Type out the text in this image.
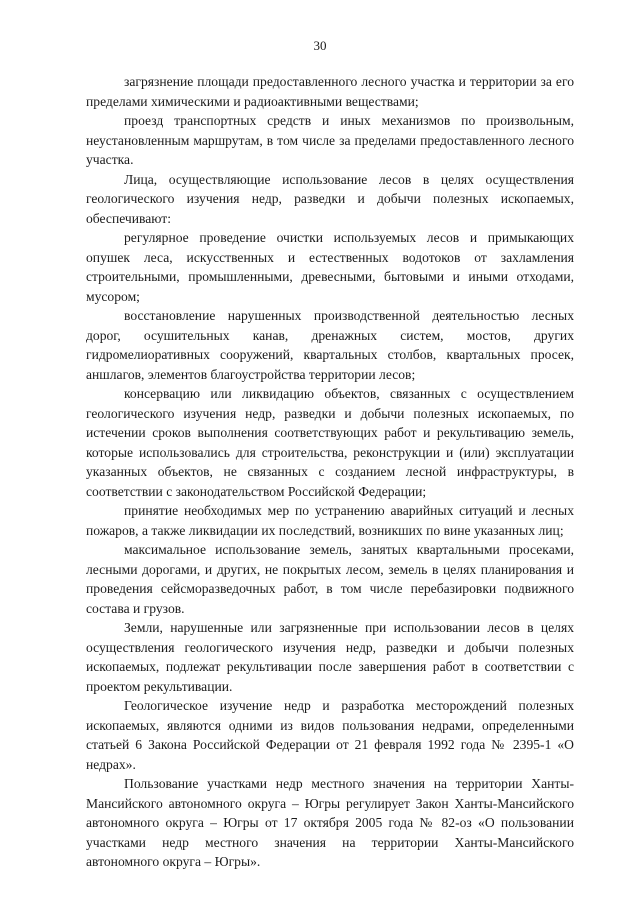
30

загрязнение площади предоставленного лесного участка и территории за его пределами химическими и радиоактивными веществами;

проезд транспортных средств и иных механизмов по произвольным, неустановленным маршрутам, в том числе за пределами предоставленного лесного участка.

Лица, осуществляющие использование лесов в целях осуществления геологического изучения недр, разведки и добычи полезных ископаемых, обеспечивают:

регулярное проведение очистки используемых лесов и примыкающих опушек леса, искусственных и естественных водотоков от захламления строительными, промышленными, древесными, бытовыми и иными отходами, мусором;

восстановление нарушенных производственной деятельностью лесных дорог, осушительных канав, дренажных систем, мостов, других гидромелиоративных сооружений, квартальных столбов, квартальных просек, аншлагов, элементов благоустройства территории лесов;

консервацию или ликвидацию объектов, связанных с осуществлением геологического изучения недр, разведки и добычи полезных ископаемых, по истечении сроков выполнения соответствующих работ и рекультивацию земель, которые использовались для строительства, реконструкции и (или) эксплуатации указанных объектов, не связанных с созданием лесной инфраструктуры, в соответствии с законодательством Российской Федерации;

принятие необходимых мер по устранению аварийных ситуаций и лесных пожаров, а также ликвидации их последствий, возникших по вине указанных лиц;

максимальное использование земель, занятых квартальными просеками, лесными дорогами, и других, не покрытых лесом, земель в целях планирования и проведения сейсморазведочных работ, в том числе перебазировки подвижного состава и грузов.

Земли, нарушенные или загрязненные при использовании лесов в целях осуществления геологического изучения недр, разведки и добычи полезных ископаемых, подлежат рекультивации после завершения работ в соответствии с проектом рекультивации.

Геологическое изучение недр и разработка месторождений полезных ископаемых, являются одними из видов пользования недрами, определенными статьей 6 Закона Российской Федерации от 21 февраля 1992 года № 2395-1 «О недрах».

Пользование участками недр местного значения на территории Ханты-Мансийского автономного округа – Югры регулирует Закон Ханты-Мансийского автономного округа – Югры от 17 октября 2005 года № 82-оз «О пользовании участками недр местного значения на территории Ханты-Мансийского автономного округа – Югры».
